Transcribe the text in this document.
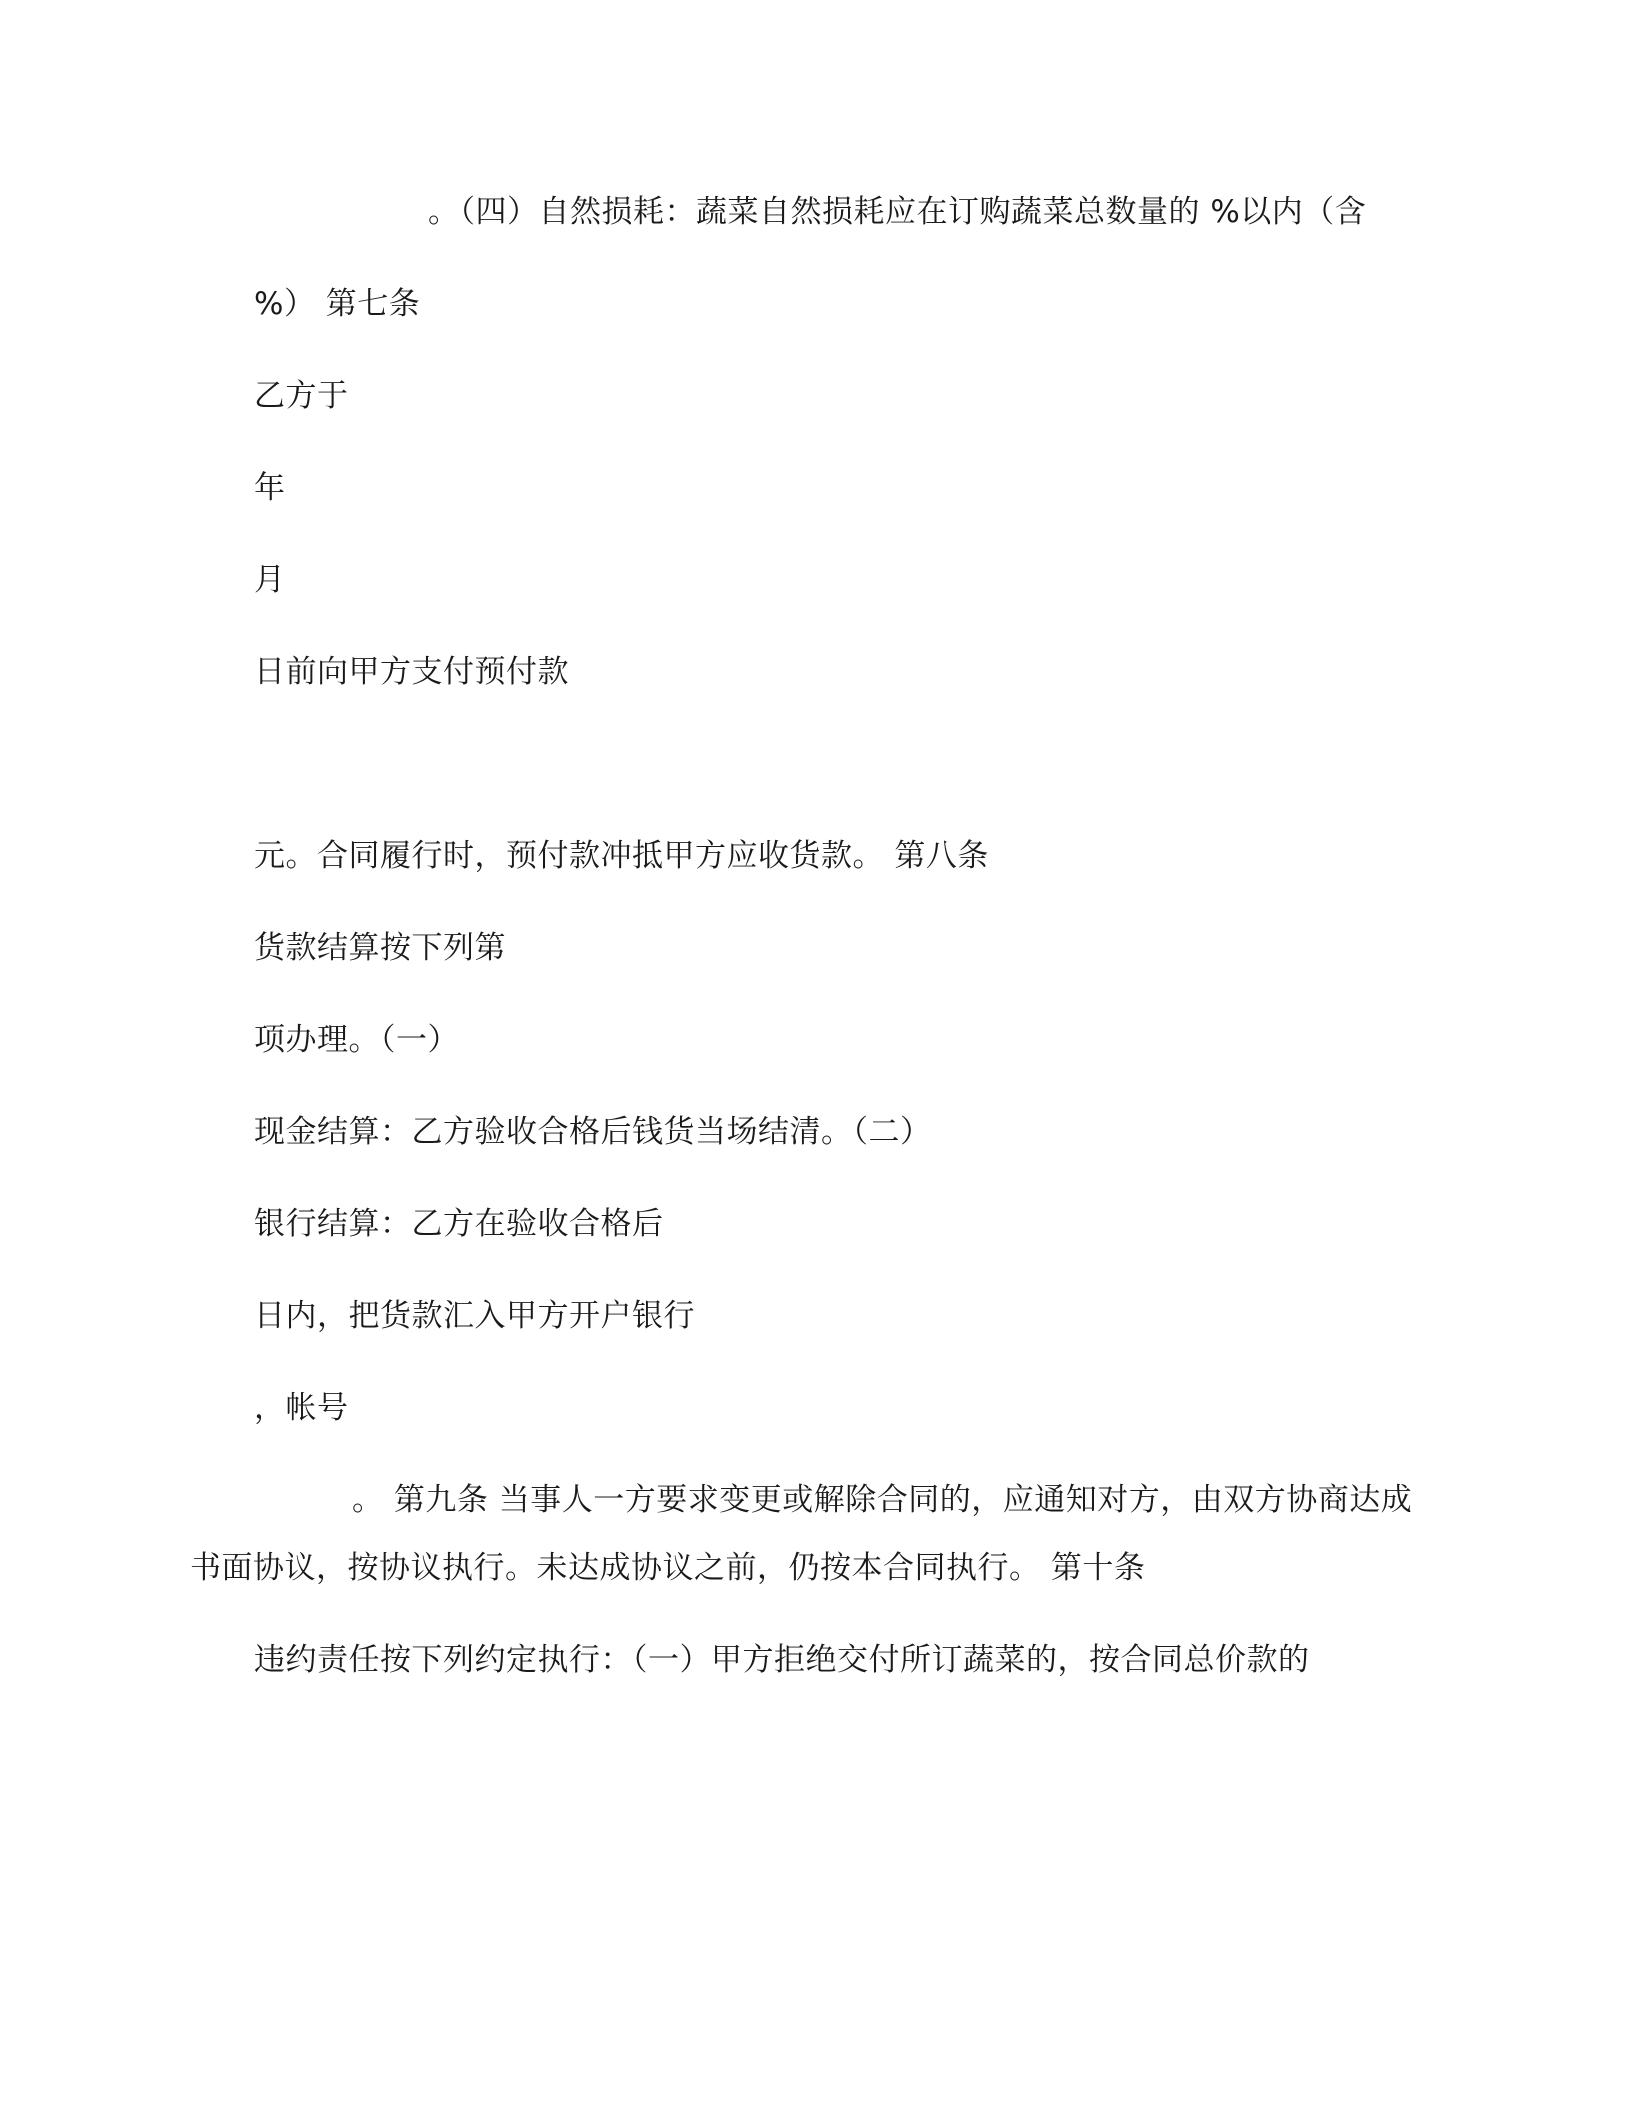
。（四）自然损耗：蔬菜自然损耗应在订购蔬菜总数量的 %以内（含
%） 第七条
乙方于
年
月
日前向甲方支付预付款
元。合同履行时，预付款冲抵甲方应收货款。 第八条
货款结算按下列第
项办理。（一）
现金结算：乙方验收合格后钱货当场结清。（二）
银行结算：乙方在验收合格后
日内，把货款汇入甲方开户银行
，帐号
。 第九条 当事人一方要求变更或解除合同的，应通知对方，由双方协商达成
书面协议，按协议执行。未达成协议之前，仍按本合同执行。 第十条
违约责任按下列约定执行：（一）甲方拒绝交付所订蔬菜的，按合同总价款的
